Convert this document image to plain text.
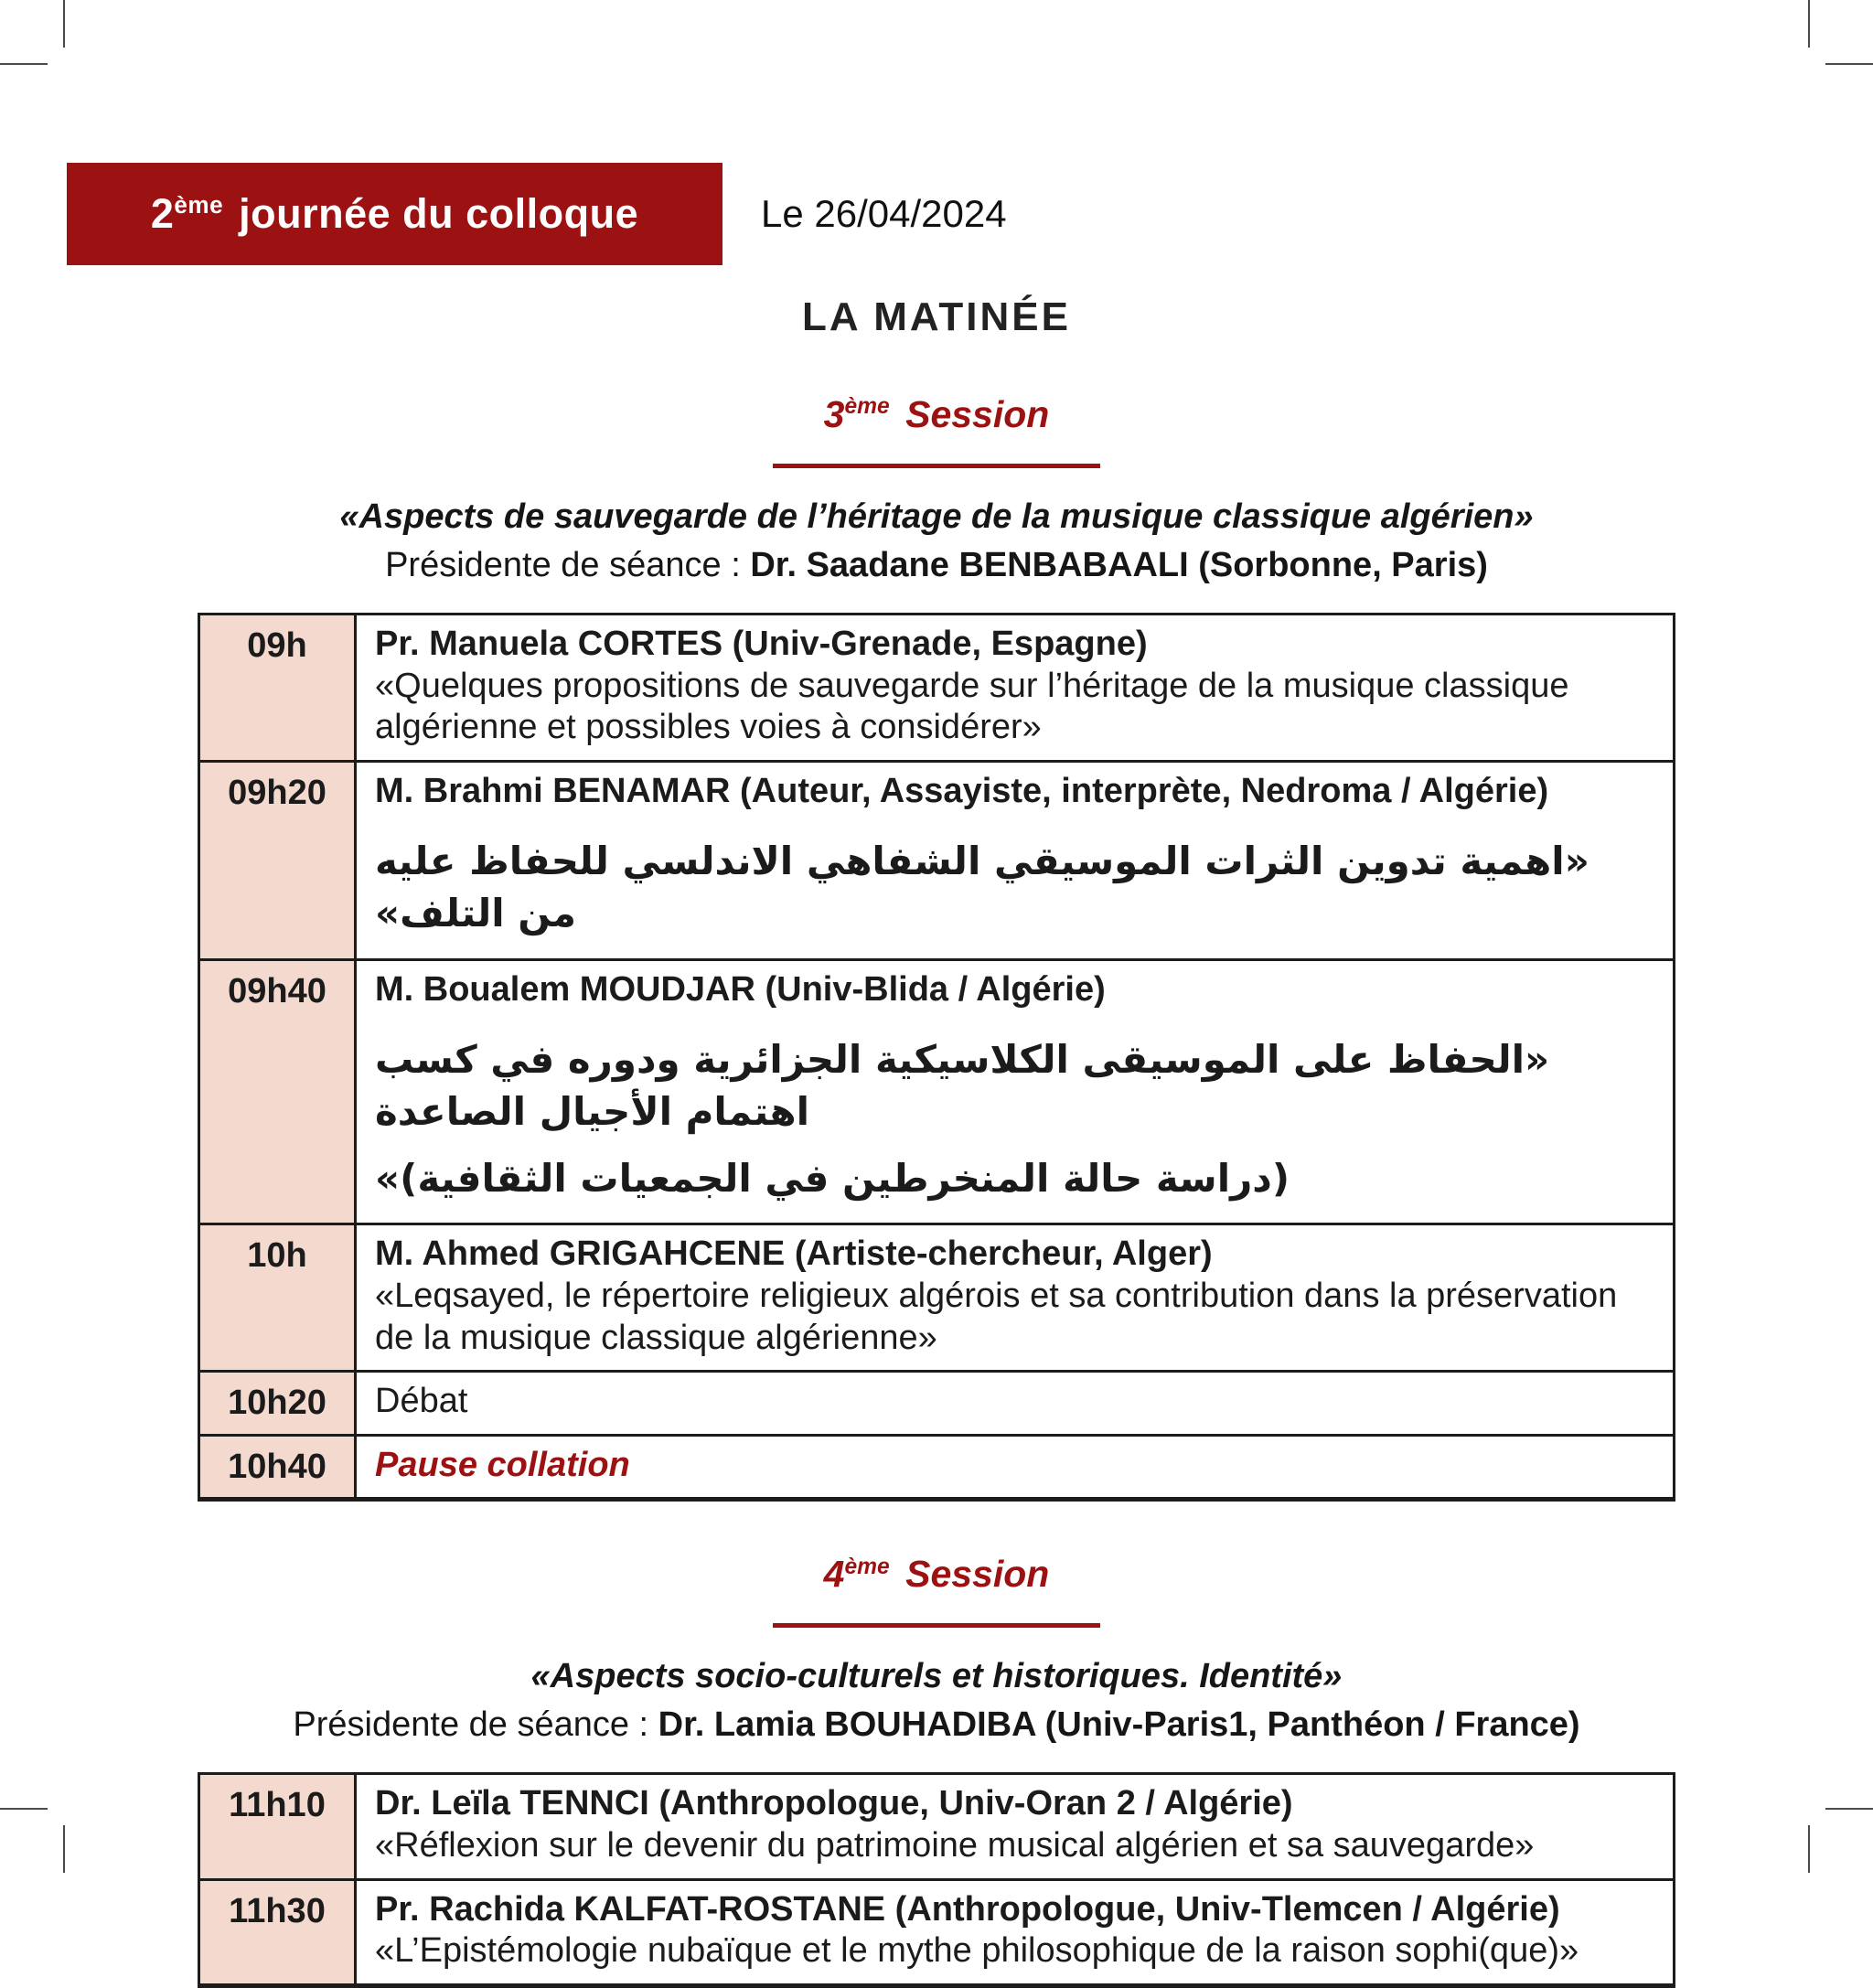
2ème journée du colloque	Le 26/04/2024
LA MATINÉE
3ème Session
«Aspects de sauvegarde de l’héritage de la musique classique algérien»
Présidente de séance : Dr. Saadane BENBABAALI (Sorbonne, Paris)
09h	Pr. Manuela CORTES (Univ-Grenade, Espagne)

«Quelques propositions de sauvegarde sur l’héritage de la musique classique algérienne et possibles voies à considérer»

09h20	M. Brahmi BENAMAR (Auteur, Assayiste, interprète, Nedroma / Algérie)

«اهمية تدوين الثرات الموسيقي الشفاهي الاندلسي للحفاظ عليه من التلف»

09h40	M. Boualem MOUDJAR (Univ-Blida / Algérie)

«الحفاظ على الموسيقى الكلاسيكية الجزائرية ودوره في كسب اهتمام الأجيال الصاعدة

(دراسة حالة المنخرطين في الجمعيات الثقافية)»

10h	M. Ahmed GRIGAHCENE (Artiste-chercheur, Alger)

«Leqsayed, le répertoire religieux algérois et sa contribution dans la préservation de la musique classique algérienne»

10h20	Débat

10h40	Pause collation

4ème Session
«Aspects socio-culturels et historiques. Identité»
Présidente de séance : Dr. Lamia BOUHADIBA (Univ-Paris1, Panthéon / France)
11h10	Dr. Leïla TENNCI (Anthropologue, Univ-Oran 2 / Algérie)

«Réflexion sur le devenir du patrimoine musical algérien et sa sauvegarde»

11h30	Pr. Rachida KALFAT-ROSTANE (Anthropologue, Univ-Tlemcen / Algérie)

«L’Epistémologie nubaïque et le mythe philosophique de la raison sophi(que)»
